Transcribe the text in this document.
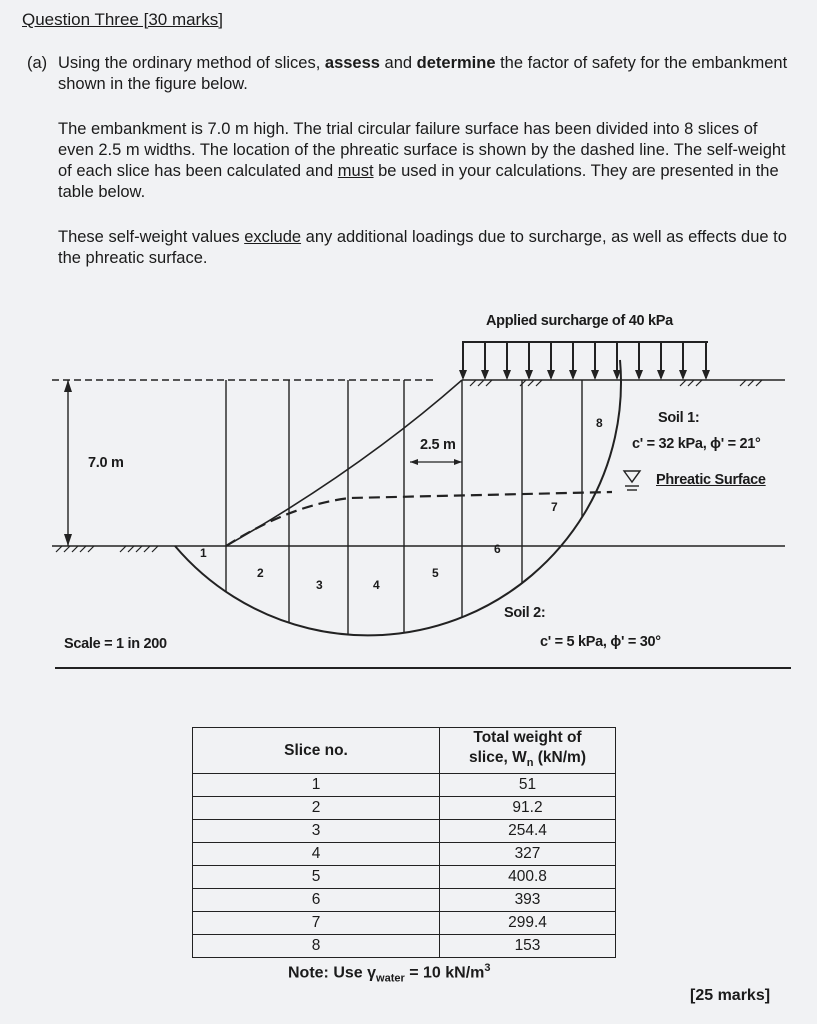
Question Three [30 marks]
(a) Using the ordinary method of slices, assess and determine the factor of safety for the embankment shown in the figure below.
The embankment is 7.0 m high. The trial circular failure surface has been divided into 8 slices of even 2.5 m widths. The location of the phreatic surface is shown by the dashed line. The self-weight of each slice has been calculated and must be used in your calculations. They are presented in the table below.
These self-weight values exclude any additional loadings due to surcharge, as well as effects due to the phreatic surface.
Applied surcharge of 40 kPa
7.0 m
2.5 m
Soil 1:
c' = 32 kPa, ϕ' = 21°
Phreatic Surface
Soil 2:
c' = 5 kPa, ϕ' = 30°
Scale = 1 in 200
1
2
3	4
5
6
7
8
Slice no.	Total weight of
slice, $W_n$ (kN/m)
1	51
2	91.2
3	254.4
4	327
5	400.8
6	393
7	299.4
8	153
Note: Use $\gamma_{water} = 10$ $kN/m^3$
[25 marks]
